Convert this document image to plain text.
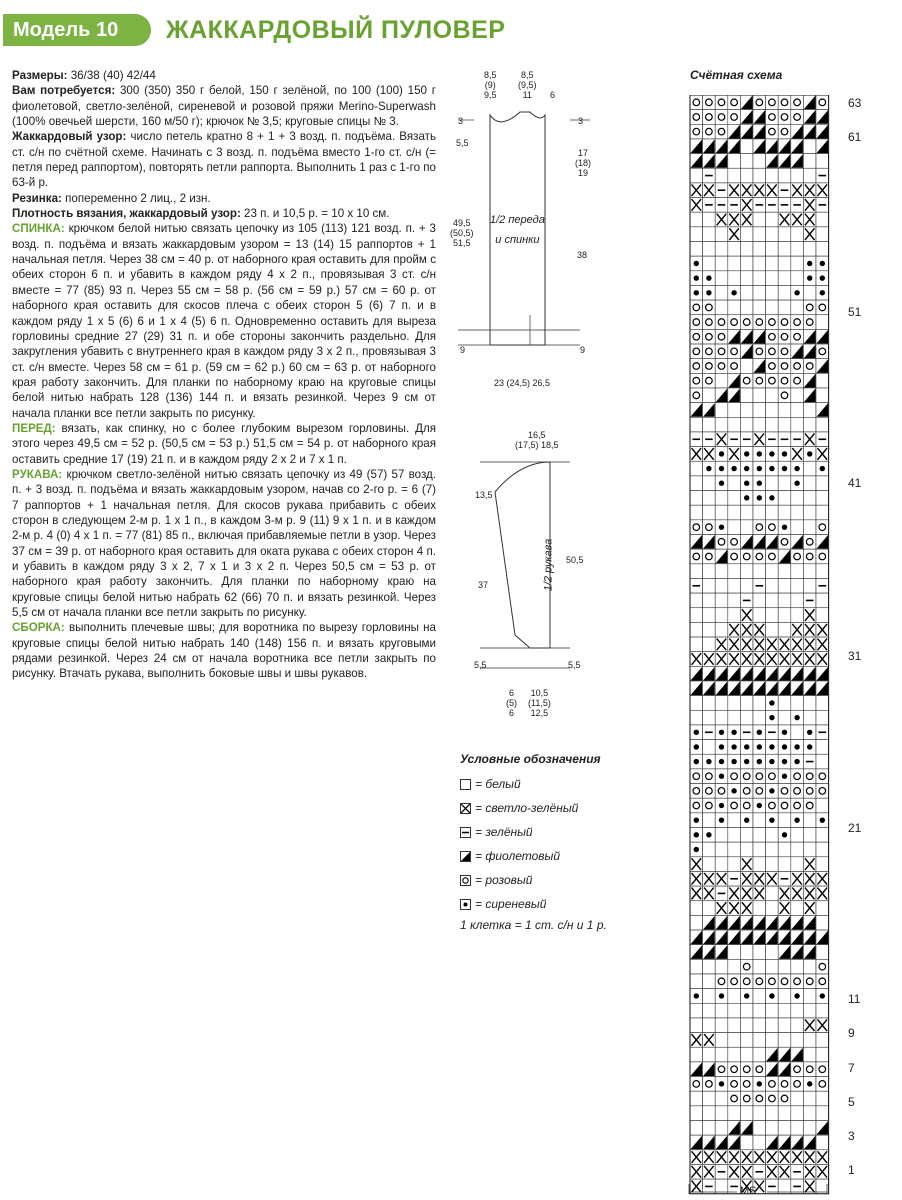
Модель 10	ЖАККАРДОВЫЙ ПУЛОВЕР

Размеры: 36/38 (40) 42/44

Вам потребуется: 300 (350) 350 г белой, 150 г зелёной, по 100 (100) 150 г фиолетовой, светло-зелёной, сиреневой и розовой пряжи Merino-Superwash (100% овечьей шерсти, 160 м/50 г); крючок № 3,5; круговые спицы № 3.

Жаккардовый узор: число петель кратно 8 + 1 + 3 возд. п. подъёма. Вязать ст. с/н по счётной схеме. Начинать с 3 возд. п. подъёма вместо 1-го ст. с/н (= петля перед раппортом), повторять петли раппорта. Выполнить 1 раз с 1-го по 63-й р.

Резинка: попеременно 2 лиц., 2 изн.

Плотность вязания, жаккардовый узор: 23 п. и 10,5 р. = 10 х 10 см.

СПИНКА: крючком белой нитью связать цепочку из 105 (113) 121 возд. п. + 3 возд. п. подъёма и вязать жаккардовым узором = 13 (14) 15 раппортов + 1 начальная петля. Через 38 см = 40 р. от наборного края оставить для пройм с обеих сторон 6 п. и убавить в каждом ряду 4 х 2 п., провязывая 3 ст. с/н вместе = 77 (85) 93 п. Через 55 см = 58 р. (56 см = 59 р.) 57 см = 60 р. от наборного края оставить для скосов плеча с обеих сторон 5 (6) 7 п. и в каждом ряду 1 х 5 (6) 6 и 1 х 4 (5) 6 п. Одновременно оставить для выреза горловины средние 27 (29) 31 п. и обе стороны закончить раздельно. Для закругления убавить с внутреннего края в каждом ряду 3 х 2 п., провязывая 3 ст. с/н вместе. Через 58 см = 61 р. (59 см = 62 р.) 60 см = 63 р. от наборного края работу закончить. Для планки по наборному краю на круговые спицы белой нитью набрать 128 (136) 144 п. и вязать резинкой. Через 9 см от начала планки все петли закрыть по рисунку.

ПЕРЕД: вязать, как спинку, но с более глубоким вырезом горловины. Для этого через 49,5 см = 52 р. (50,5 см = 53 р.) 51,5 см = 54 р. от наборного края оставить средние 17 (19) 21 п. и в каждом ряду 2 х 2 и 7 х 1 п.

РУКАВА: крючком светло-зелёной нитью связать цепочку из 49 (57) 57 возд. п. + 3 возд. п. подъёма и вязать жаккардовым узором, начав со 2-го р. = 6 (7) 7 раппортов + 1 начальная петля. Для скосов рукава прибавить с обеих сторон в следующем 2-м р. 1 х 1 п., в каждом 3-м р. 9 (11) 9 х 1 п. и в каждом 2-м р. 4 (0) 4 х 1 п. = 77 (81) 85 п., включая прибавляемые петли в узор. Через 37 см = 39 р. от наборного края оставить для оката рукава с обеих сторон 4 п. и убавить в каждом ряду 3 х 2, 7 х 1 и 3 х 2 п. Через 50,5 см = 53 р. от наборного края работу закончить. Для планки по наборному краю на круговые спицы белой нитью набрать 62 (66) 70 п. и вязать резинкой. Через 5,5 см от начала планки все петли закрыть по рисунку.

СБОРКА: выполнить плечевые швы; для воротника по вырезу горловины на круговые спицы белой нитью набрать 140 (148) 156 п. и вязать круговыми рядами резинкой. Через 24 см от начала воротника все петли закрыть по рисунку. Втачать рукава, выполнить боковые швы и швы рукавов.

8,5
(9)
9,5
8,5
(9,5)
11	6
3
5,5
49,5
(50,5)
51,5
9
3
17
(18)
19
38
9
1/2 переда
и спинки
23 (24,5) 26,5
16,5
(17,5) 18,5
13,5
37
5,5
50,5
5,5
1/2 рукава
6
(5)
6
10,5
(11,5)
12,5
Условные обозначения
= белый
= светло-зелёный
= зелёный
= фиолетовый
= розовый
= сиреневый
1 клетка = 1 ст. с/н и 1 р.
Счётная схема
63
61
51
41
31
21
11
9
7
5
3
1
MS
